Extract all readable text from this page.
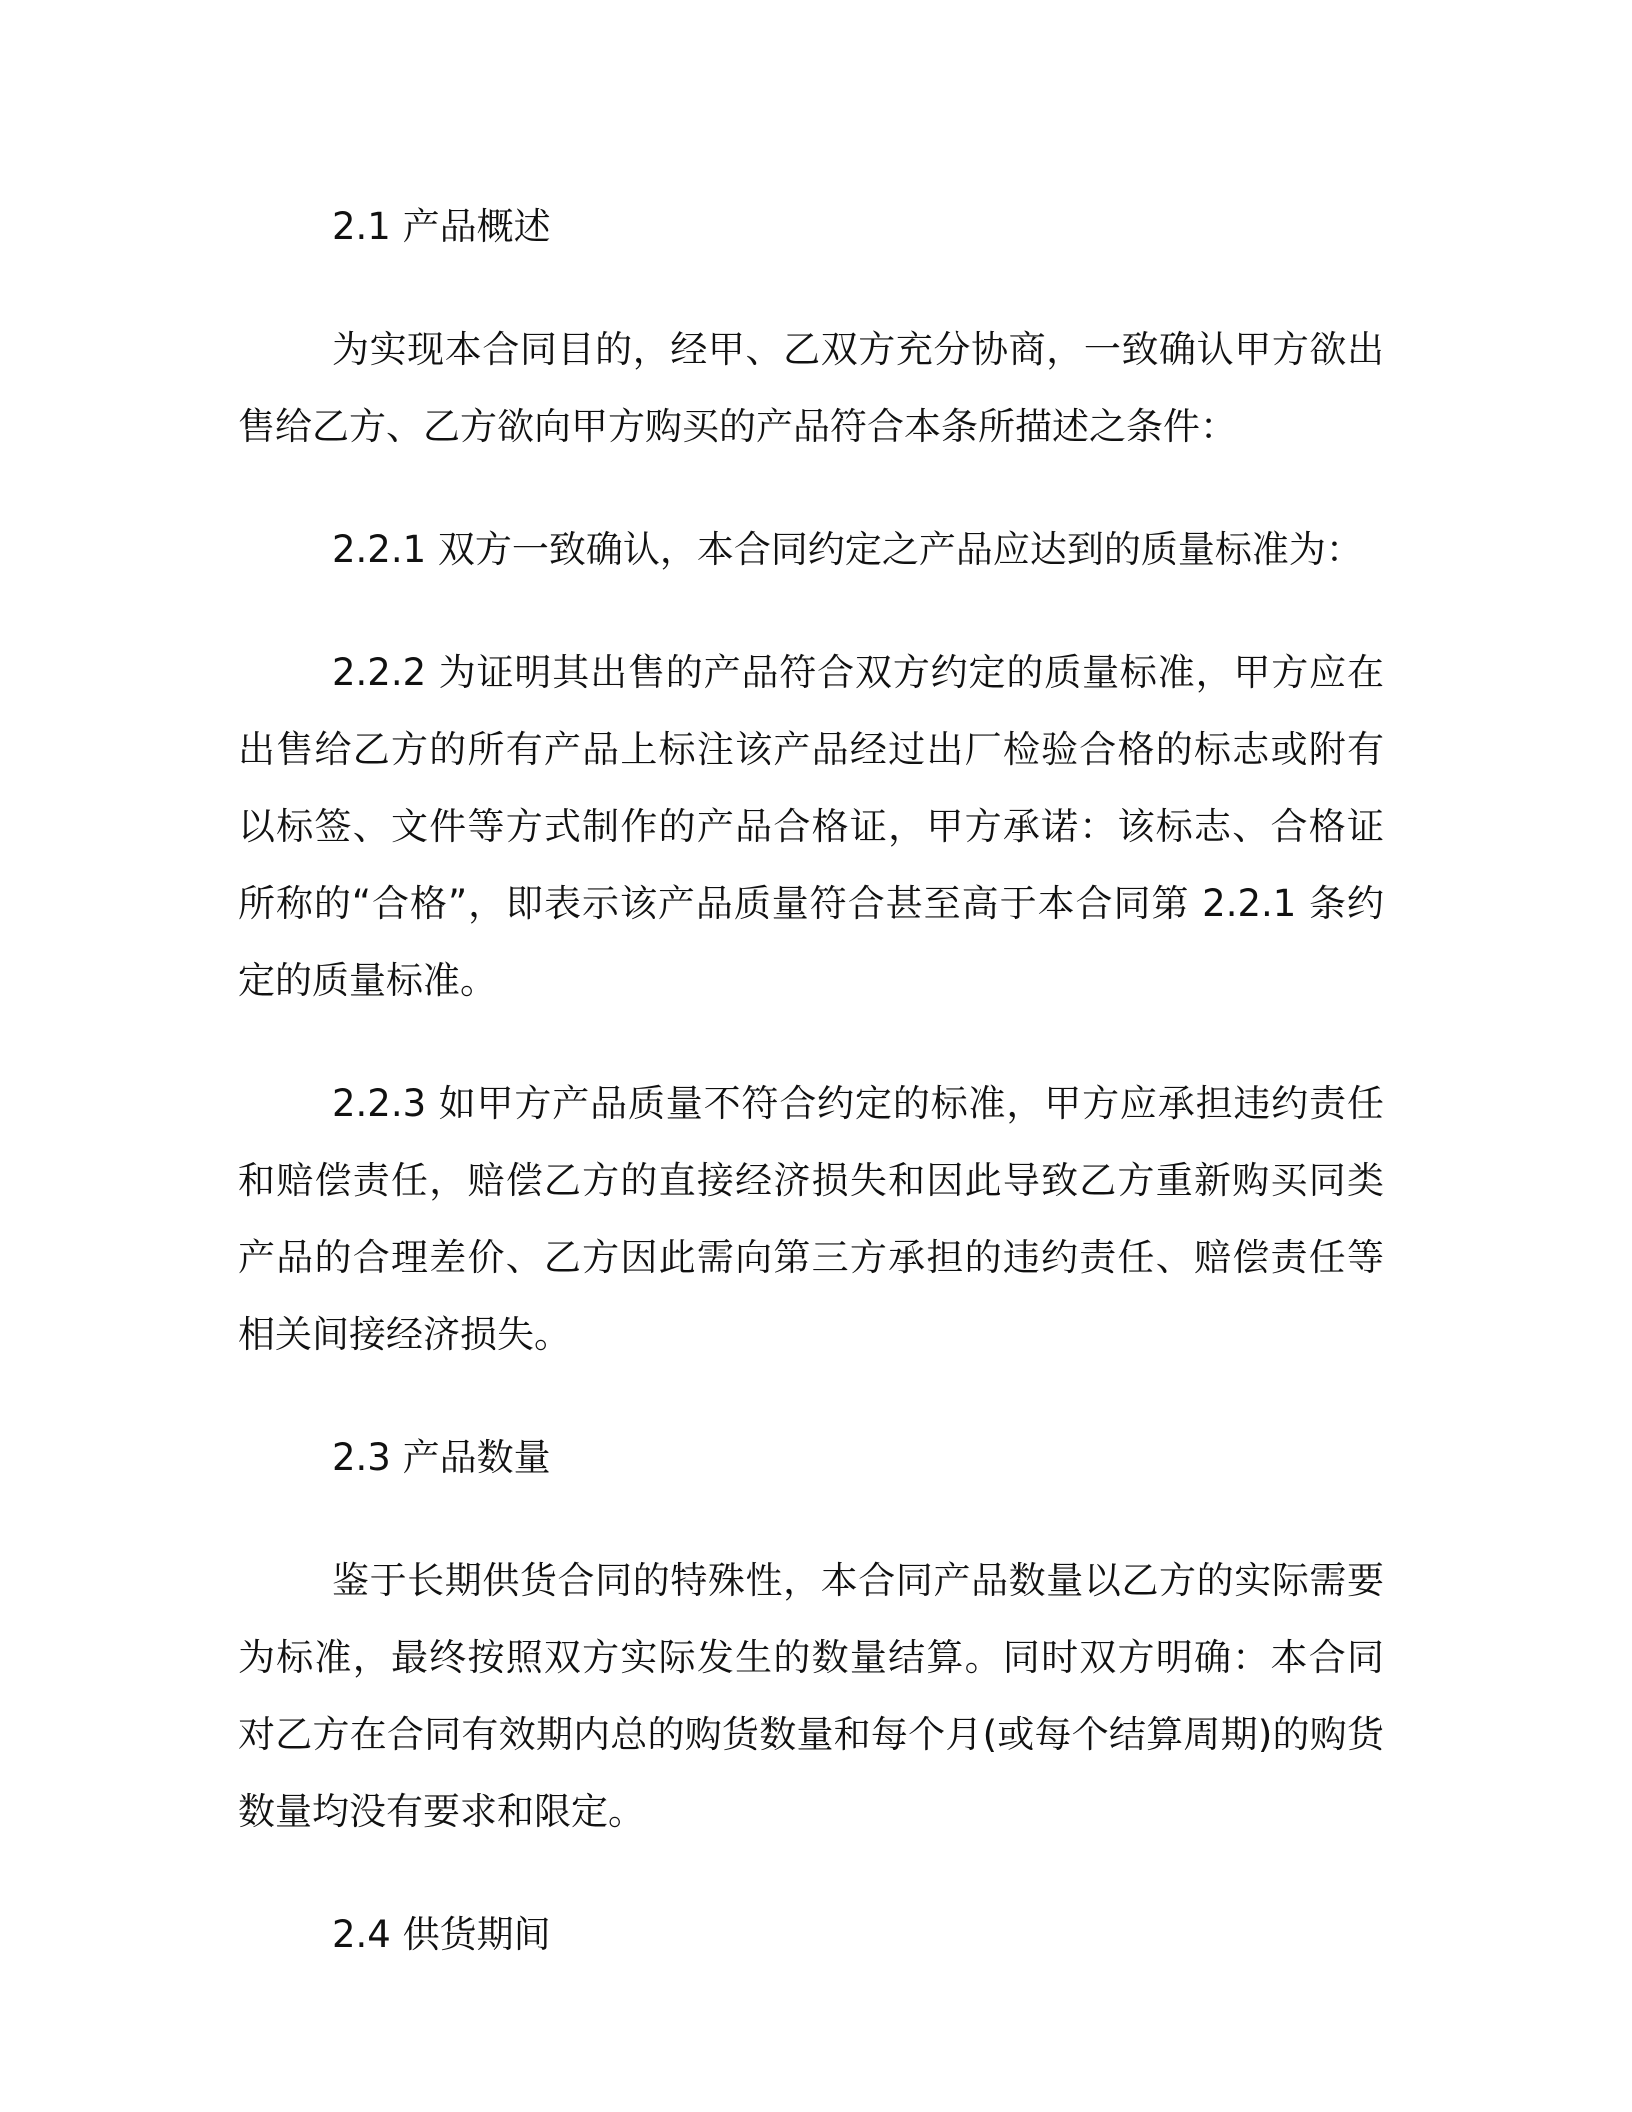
2.1 产品概述

为实现本合同目的，经甲、乙双方充分协商，一致确认甲方欲出售给乙方、乙方欲向甲方购买的产品符合本条所描述之条件：

2.2.1 双方一致确认，本合同约定之产品应达到的质量标准为：

2.2.2 为证明其出售的产品符合双方约定的质量标准，甲方应在出售给乙方的所有产品上标注该产品经过出厂检验合格的标志或附有以标签、文件等方式制作的产品合格证，甲方承诺：该标志、合格证所称的“合格”，即表示该产品质量符合甚至高于本合同第 2.2.1 条约定的质量标准。

2.2.3 如甲方产品质量不符合约定的标准，甲方应承担违约责任和赔偿责任，赔偿乙方的直接经济损失和因此导致乙方重新购买同类产品的合理差价、乙方因此需向第三方承担的违约责任、赔偿责任等相关间接经济损失。

2.3 产品数量

鉴于长期供货合同的特殊性，本合同产品数量以乙方的实际需要为标准，最终按照双方实际发生的数量结算。同时双方明确：本合同对乙方在合同有效期内总的购货数量和每个月(或每个结算周期)的购货数量均没有要求和限定。

2.4 供货期间
